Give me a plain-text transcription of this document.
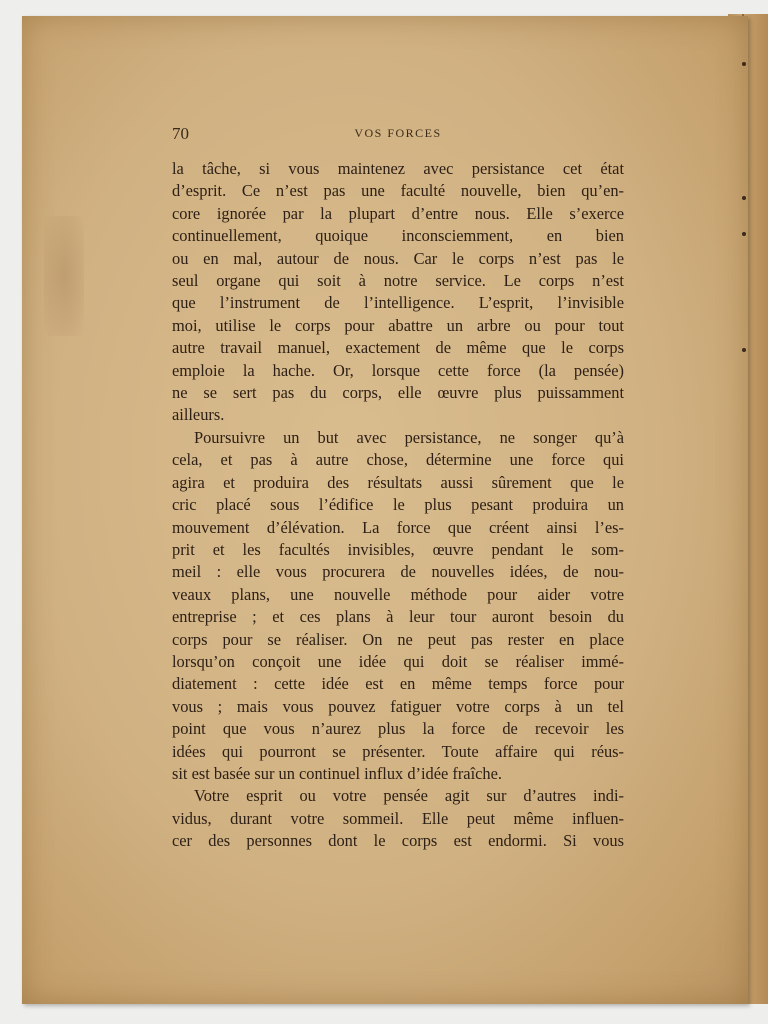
70	VOS FORCES
la tâche, si vous maintenez avec persistance cet état
d’esprit. Ce n’est pas une faculté nouvelle, bien qu’en-
core ignorée par la plupart d’entre nous. Elle s’exerce
continuellement, quoique inconsciemment, en bien
ou en mal, autour de nous. Car le corps n’est pas le
seul organe qui soit à notre service. Le corps n’est
que l’instrument de l’intelligence. L’esprit, l’invisible
moi, utilise le corps pour abattre un arbre ou pour tout
autre travail manuel, exactement de même que le corps
emploie la hache. Or, lorsque cette force (la pensée)
ne se sert pas du corps, elle œuvre plus puissamment
ailleurs.
Poursuivre un but avec persistance, ne songer qu’à
cela, et pas à autre chose, détermine une force qui
agira et produira des résultats aussi sûrement que le
cric placé sous l’édifice le plus pesant produira un
mouvement d’élévation. La force que créent ainsi l’es-
prit et les facultés invisibles, œuvre pendant le som-
meil : elle vous procurera de nouvelles idées, de nou-
veaux plans, une nouvelle méthode pour aider votre
entreprise ; et ces plans à leur tour auront besoin du
corps pour se réaliser. On ne peut pas rester en place
lorsqu’on conçoit une idée qui doit se réaliser immé-
diatement : cette idée est en même temps force pour
vous ; mais vous pouvez fatiguer votre corps à un tel
point que vous n’aurez plus la force de recevoir les
idées qui pourront se présenter. Toute affaire qui réus-
sit est basée sur un continuel influx d’idée fraîche.
Votre esprit ou votre pensée agit sur d’autres indi-
vidus, durant votre sommeil. Elle peut même influen-
cer des personnes dont le corps est endormi. Si vous
